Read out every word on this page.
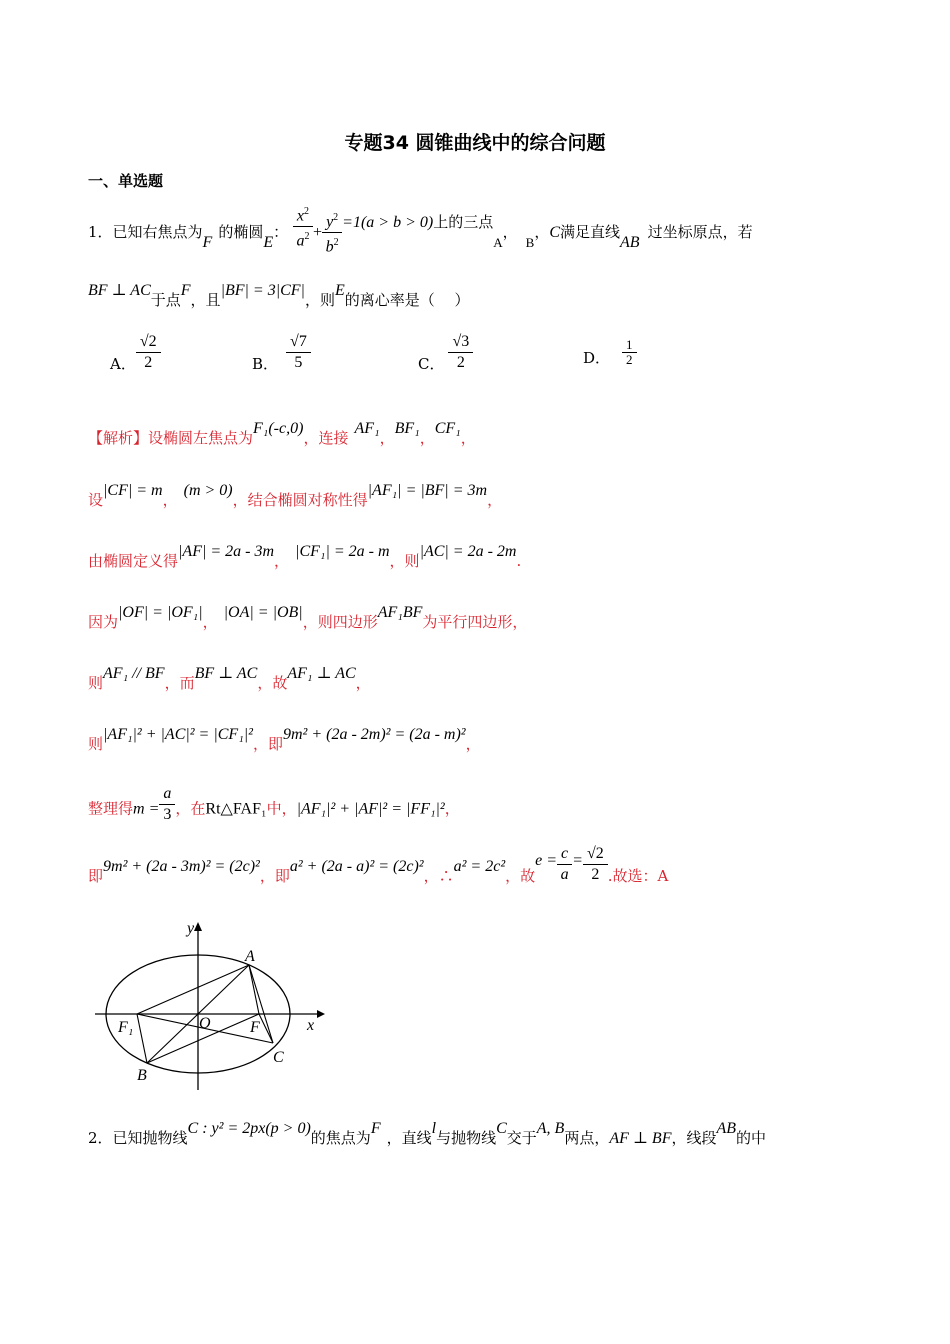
专题34 圆锥曲线中的综合问题
一、单选题
1．已知右焦点为F的椭圆E： $\frac{x^2}{a^2} + \frac{y^2}{b^2} =1(a > b > 0)$上的三点A，B，C满足直线AB过坐标原点，若
BF ⊥ AC于点F，且|BF| = 3|CF|，则E的离心率是（　 ）
A． $\frac{√2}{2}$	B． $\frac{√7}{5}$	C． $\frac{√3}{2}$	D． $\frac{1}{2}$
【解析】设椭圆左焦点为F₁(-c,0)，连接AF₁，BF₁，CF₁，
设|CF| = m，(m > 0)，结合椭圆对称性得|AF₁| = |BF| = 3m，
由椭圆定义得|AF| = 2a - 3m，|CF₁| = 2a - m，则|AC| = 2a - 2m.
因为|OF| = |OF₁|，|OA| = |OB|，则四边形AF₁BF为平行四边形，
则AF₁ // BF，而BF ⊥ AC，故AF₁ ⊥ AC，
则|AF₁|² + |AC|² = |CF₁|²，即9m² + (2a - 2m)² = (2a - m)²，
整理得$m = \frac{a}{3}$ ，在Rt△FAF₁中，|AF₁|² + |AF|² = |FF₁|²，
即9m² + (2a - 3m)² = (2c)²，即a² + (2a - a)² = (2c)²，∴a² = 2c²，故$e = \frac{c}{a} = \frac{√2}{2}$ .故选：A
y
x
A
B
C
F
F₁	O
2．已知抛物线C : y² = 2px(p > 0)的焦点为F，直线l与抛物线C交于A, B两点，AF ⊥ BF，线段AB的中
